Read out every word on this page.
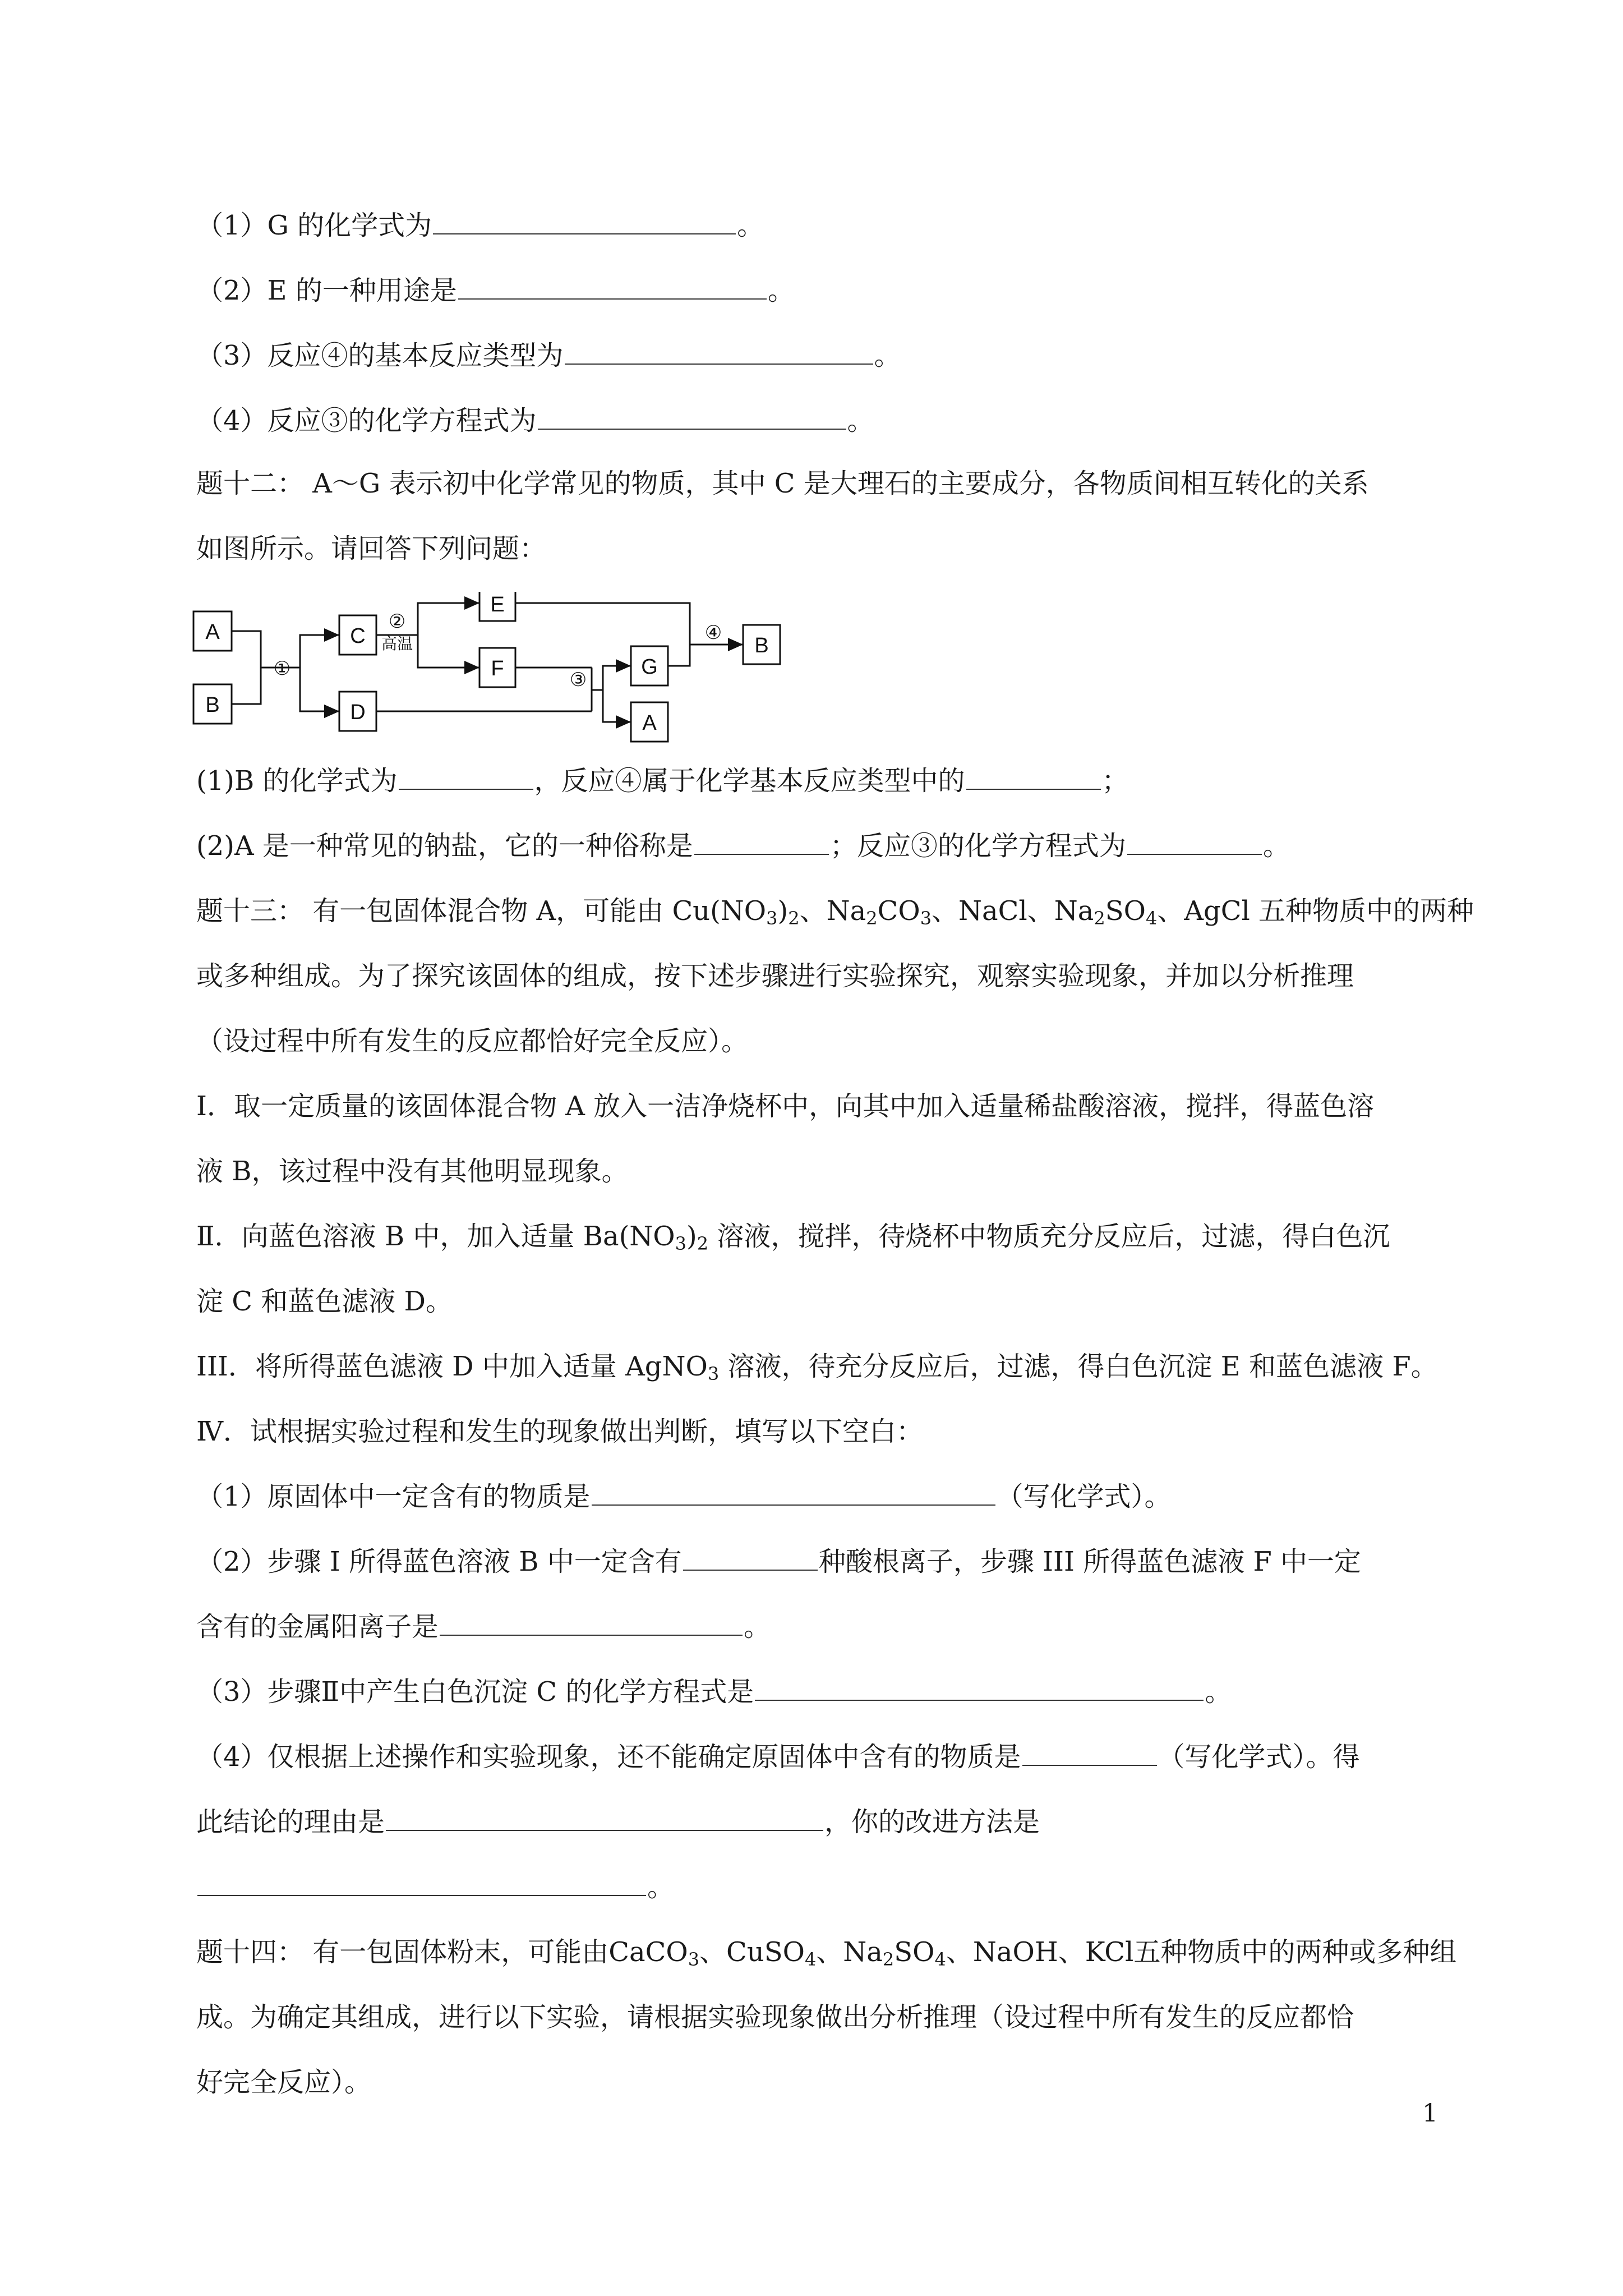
（1）G 的化学式为	。
（2）E 的一种用途是	。
（3）反应④的基本反应类型为	。
（4）反应③的化学方程式为	。
题十二： A～G 表示初中化学常见的物质，其中 C 是大理石的主要成分，各物质间相互转化的关系
如图所示。请回答下列问题：
A
B
C
D
E
F	G
A
B
①
②
高温
③
④
(1)B 的化学式为	，反应④属于化学基本反应类型中的	；
(2)A 是一种常见的钠盐，它的一种俗称是	；反应③的化学方程式为	。
题十三： 有一包固体混合物 A，可能由 $Cu(NO_3)_2$、$Na_2CO_3$、NaCl、$Na_2SO_4$、AgCl 五种物质中的两种
或多种组成。为了探究该固体的组成，按下述步骤进行实验探究，观察实验现象，并加以分析推理
（设过程中所有发生的反应都恰好完全反应）。
I．取一定质量的该固体混合物 A 放入一洁净烧杯中，向其中加入适量稀盐酸溶液，搅拌，得蓝色溶
液 B，该过程中没有其他明显现象。
Ⅱ．向蓝色溶液 B 中，加入适量 $Ba(NO_3)_2$ 溶液，搅拌，待烧杯中物质充分反应后，过滤，得白色沉
淀 C 和蓝色滤液 D。
III．将所得蓝色滤液 D 中加入适量 AgNO$_3$ 溶液，待充分反应后，过滤，得白色沉淀 E 和蓝色滤液 F。
Ⅳ．试根据实验过程和发生的现象做出判断，填写以下空白：
（1）原固体中一定含有的物质是	（写化学式）。
（2）步骤 I 所得蓝色溶液 B 中一定含有	种酸根离子，步骤 III 所得蓝色滤液 F 中一定
含有的金属阳离子是	。
（3）步骤Ⅱ中产生白色沉淀 C 的化学方程式是	。
（4）仅根据上述操作和实验现象，还不能确定原固体中含有的物质是	（写化学式）。得
此结论的理由是	，你的改进方法是
。
题十四： 有一包固体粉末，可能由CaCO$_3$、CuSO$_4$、$Na_2SO_4$、NaOH、KCl五种物质中的两种或多种组
成。为确定其组成，进行以下实验，请根据实验现象做出分析推理（设过程中所有发生的反应都恰
好完全反应）。
1
